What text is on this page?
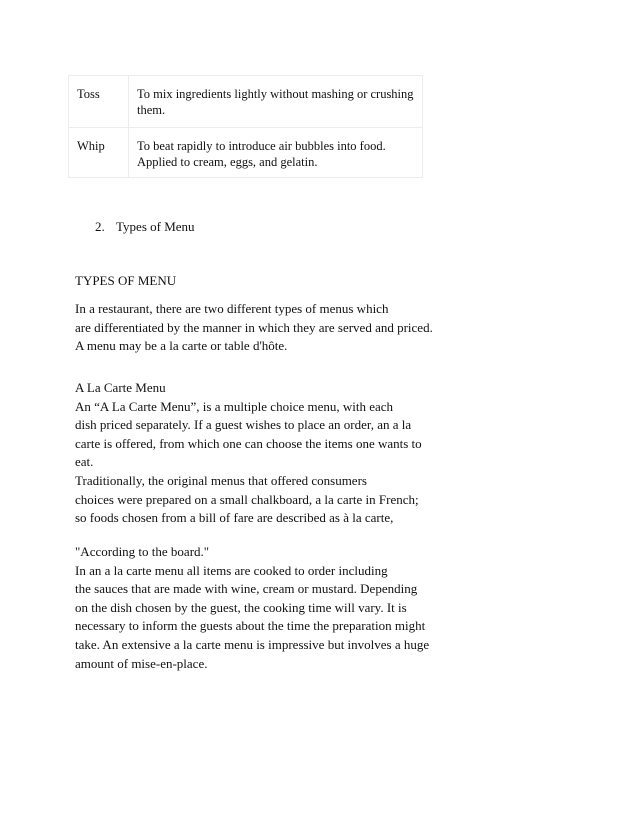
Toss	To mix ingredients lightly without mashing or crushing
them.
Whip	To beat rapidly to introduce air bubbles into food.
Applied to cream, eggs, and gelatin.
2. Types of Menu

TYPES OF MENU

In a restaurant, there are two different types of menus which

are differentiated by the manner in which they are served and priced.

A menu may be a la carte or table d'hôte.

A La Carte Menu

An “A La Carte Menu”, is a multiple choice menu, with each

dish priced separately. If a guest wishes to place an order, an a la

carte is offered, from which one can choose the items one wants to

eat.

Traditionally, the original menus that offered consumers

choices were prepared on a small chalkboard, a la carte in French;

so foods chosen from a bill of fare are described as à la carte,

"According to the board."

In an a la carte menu all items are cooked to order including

the sauces that are made with wine, cream or mustard. Depending

on the dish chosen by the guest, the cooking time will vary. It is

necessary to inform the guests about the time the preparation might

take. An extensive a la carte menu is impressive but involves a huge

amount of mise-en-place.
